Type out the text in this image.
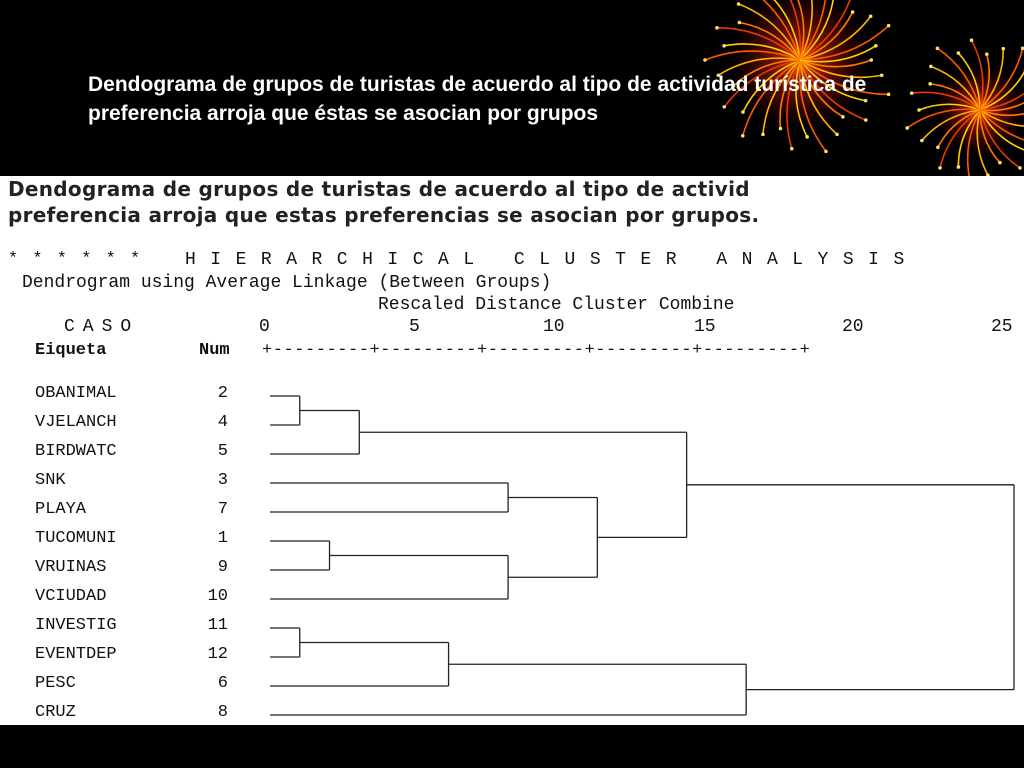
Dendograma de grupos de turistas de acuerdo al tipo de actividad turística de preferencia arroja que éstas se asocian por grupos
Dendograma de grupos de turistas de acuerdo al tipo de activid
preferencia arroja que estas preferencias se asocian por grupos.
* * * * * * HIERARCHICAL CLUSTER ANALYSIS
Dendrogram using Average Linkage (Between Groups)
Rescaled Distance Cluster Combine
CASO	0	5	10	15	20	25
Eiqueta	Num +---------+---------+---------+---------+---------+
OBANIMAL	2
VJELANCH	4
BIRDWATC	5
SNK	3
PLAYA	7
TUCOMUNI	1
VRUINAS	9
VCIUDAD	10
INVESTIG	11
EVENTDEP	12
PESC	6
CRUZ	8
